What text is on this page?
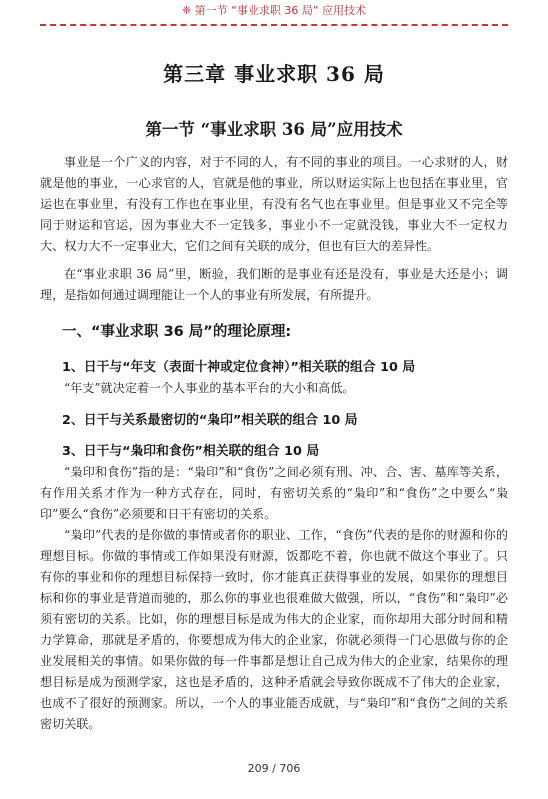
❈ 第一节 “事业求职 36 局” 应用技术
第三章 事业求职 36 局
第一节 “事业求职 36 局”应用技术

事业是一个广义的内容，对于不同的人，有不同的事业的项目。一心求财的人，财就是他的事业，一心求官的人，官就是他的事业，所以财运实际上也包括在事业里，官运也在事业里，有没有工作也在事业里，有没有名气也在事业里。但是事业又不完全等同于财运和官运，因为事业大不一定钱多，事业小不一定就没钱，事业大不一定权力大、权力大不一定事业大，它们之间有关联的成分，但也有巨大的差异性。

在“事业求职 36 局”里，断验，我们断的是事业有还是没有，事业是大还是小；调理，是指如何通过调理能让一个人的事业有所发展，有所提升。

一、“事业求职 36 局”的理论原理:
1、日干与“年支（表面十神或定位食神）”相关联的组合 10 局

“年支”就决定着一个人事业的基本平台的大小和高低。

2、日干与关系最密切的“枭印”相关联的组合 10 局
3、日干与“枭印和食伤”相关联的组合 10 局

“枭印和食伤”指的是：“枭印”和“食伤”之间必须有刑、冲、合、害、墓库等关系，有作用关系才作为一种方式存在，同时，有密切关系的“枭印”和“食伤”之中要么“枭印”要么“食伤”必须要和日干有密切的关系。

“枭印”代表的是你做的事情或者你的职业、工作，“食伤”代表的是你的财源和你的理想目标。你做的事情或工作如果没有财源，饭都吃不着，你也就不做这个事业了。只有你的事业和你的理想目标保持一致时，你才能真正获得事业的发展，如果你的理想目标和你的事业是背道而驰的，那么你的事业也很难做大做强，所以，“食伤”和“枭印”必须有密切的关系。比如，你的理想目标是成为伟大的企业家，而你却用大部分时间和精力学算命，那就是矛盾的，你要想成为伟大的企业家，你就必须得一门心思做与你的企业发展相关的事情。如果你做的每一件事都是想让自己成为伟大的企业家，结果你的理想目标是成为预测学家，这也是矛盾的，这种矛盾就会导致你既成不了伟大的企业家，也成不了很好的预测家。所以，一个人的事业能否成就，与“枭印”和“食伤”之间的关系密切关联。

209 / 706
